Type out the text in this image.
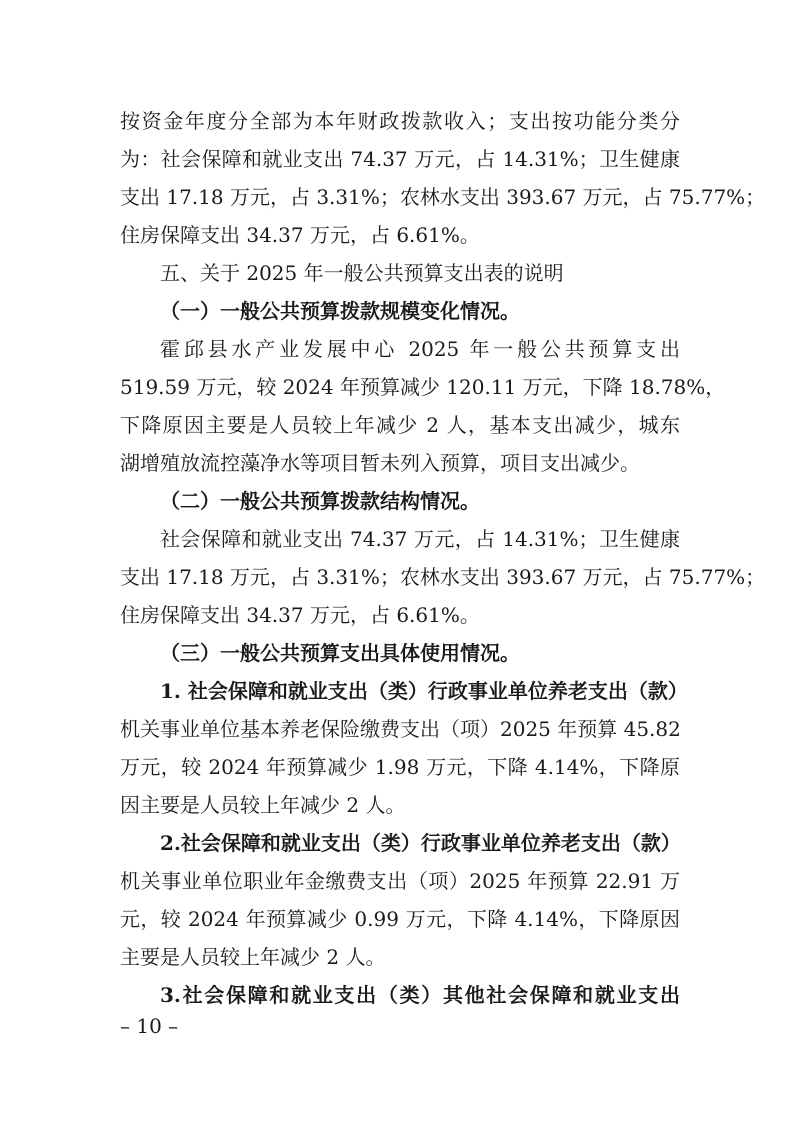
按资金年度分全部为本年财政拨款收入；支出按功能分类分
为：社会保障和就业支出 74.37 万元，占 14.31%；卫生健康
支出 17.18 万元，占 3.31%；农林水支出 393.67 万元，占 75.77%；
住房保障支出 34.37 万元，占 6.61%。
五、关于 2025 年一般公共预算支出表的说明
（一）一般公共预算拨款规模变化情况。
霍邱县水产业发展中心 2025 年一般公共预算支出
519.59 万元，较 2024 年预算减少 120.11 万元，下降 18.78%，
下降原因主要是人员较上年减少 2 人，基本支出减少，城东
湖增殖放流控藻净水等项目暂未列入预算，项目支出减少。
（二）一般公共预算拨款结构情况。
社会保障和就业支出 74.37 万元，占 14.31%；卫生健康
支出 17.18 万元，占 3.31%；农林水支出 393.67 万元，占 75.77%；
住房保障支出 34.37 万元，占 6.61%。
（三）一般公共预算支出具体使用情况。
1. 社会保障和就业支出（类）行政事业单位养老支出（款）
机关事业单位基本养老保险缴费支出（项）2025 年预算 45.82
万元，较 2024 年预算减少 1.98 万元，下降 4.14%，下降原
因主要是人员较上年减少 2 人。
2.社会保障和就业支出（类）行政事业单位养老支出（款）
机关事业单位职业年金缴费支出（项）2025 年预算 22.91 万
元，较 2024 年预算减少 0.99 万元，下降 4.14%，下降原因
主要是人员较上年减少 2 人。
3.社会保障和就业支出（类）其他社会保障和就业支出
– 10 –
